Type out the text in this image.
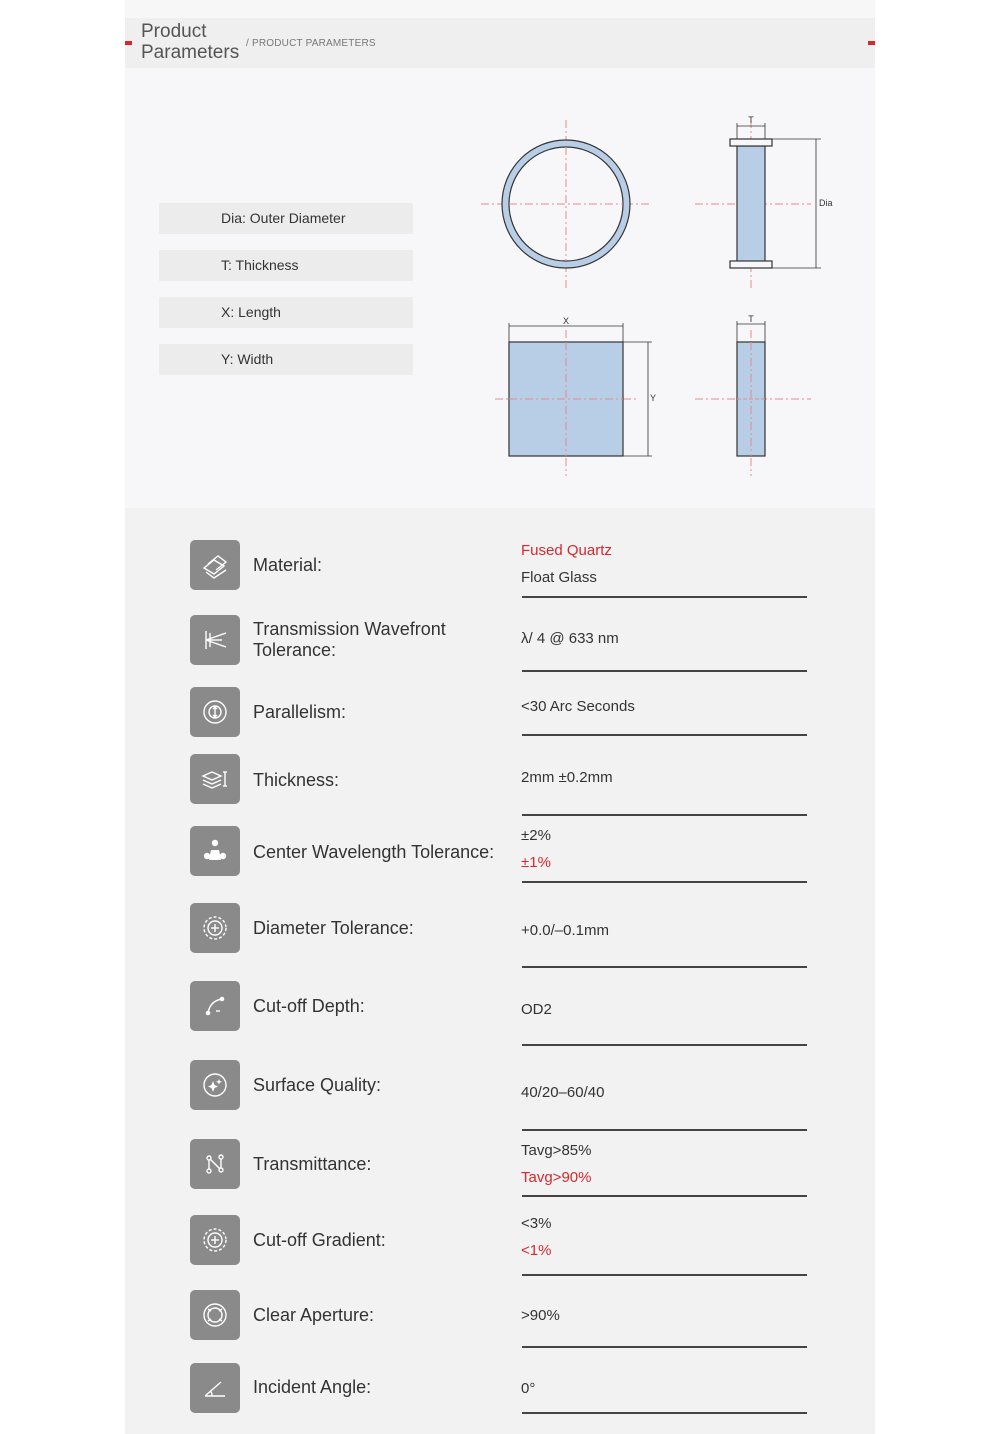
Product Parameters / PRODUCT PARAMETERS
Dia: Outer Diameter
T: Thickness
X: Length
Y: Width
T
Dia
X
Y
T
Material:
Fused Quartz
Float Glass
Transmission Wavefront Tolerance:
λ/ 4 @ 633 nm
Parallelism:	<30 Arc Seconds
Thickness:	2mm ±0.2mm
Center Wavelength Tolerance:
±2%
±1%
Diameter Tolerance:	+0.0/–0.1mm
Cut-off Depth:	OD2
Surface Quality:	40/20–60/40
Transmittance:
Tavg>85%
Tavg>90%
Cut-off Gradient:
<3%
<1%
Clear Aperture:	>90%
Incident Angle:	0°
